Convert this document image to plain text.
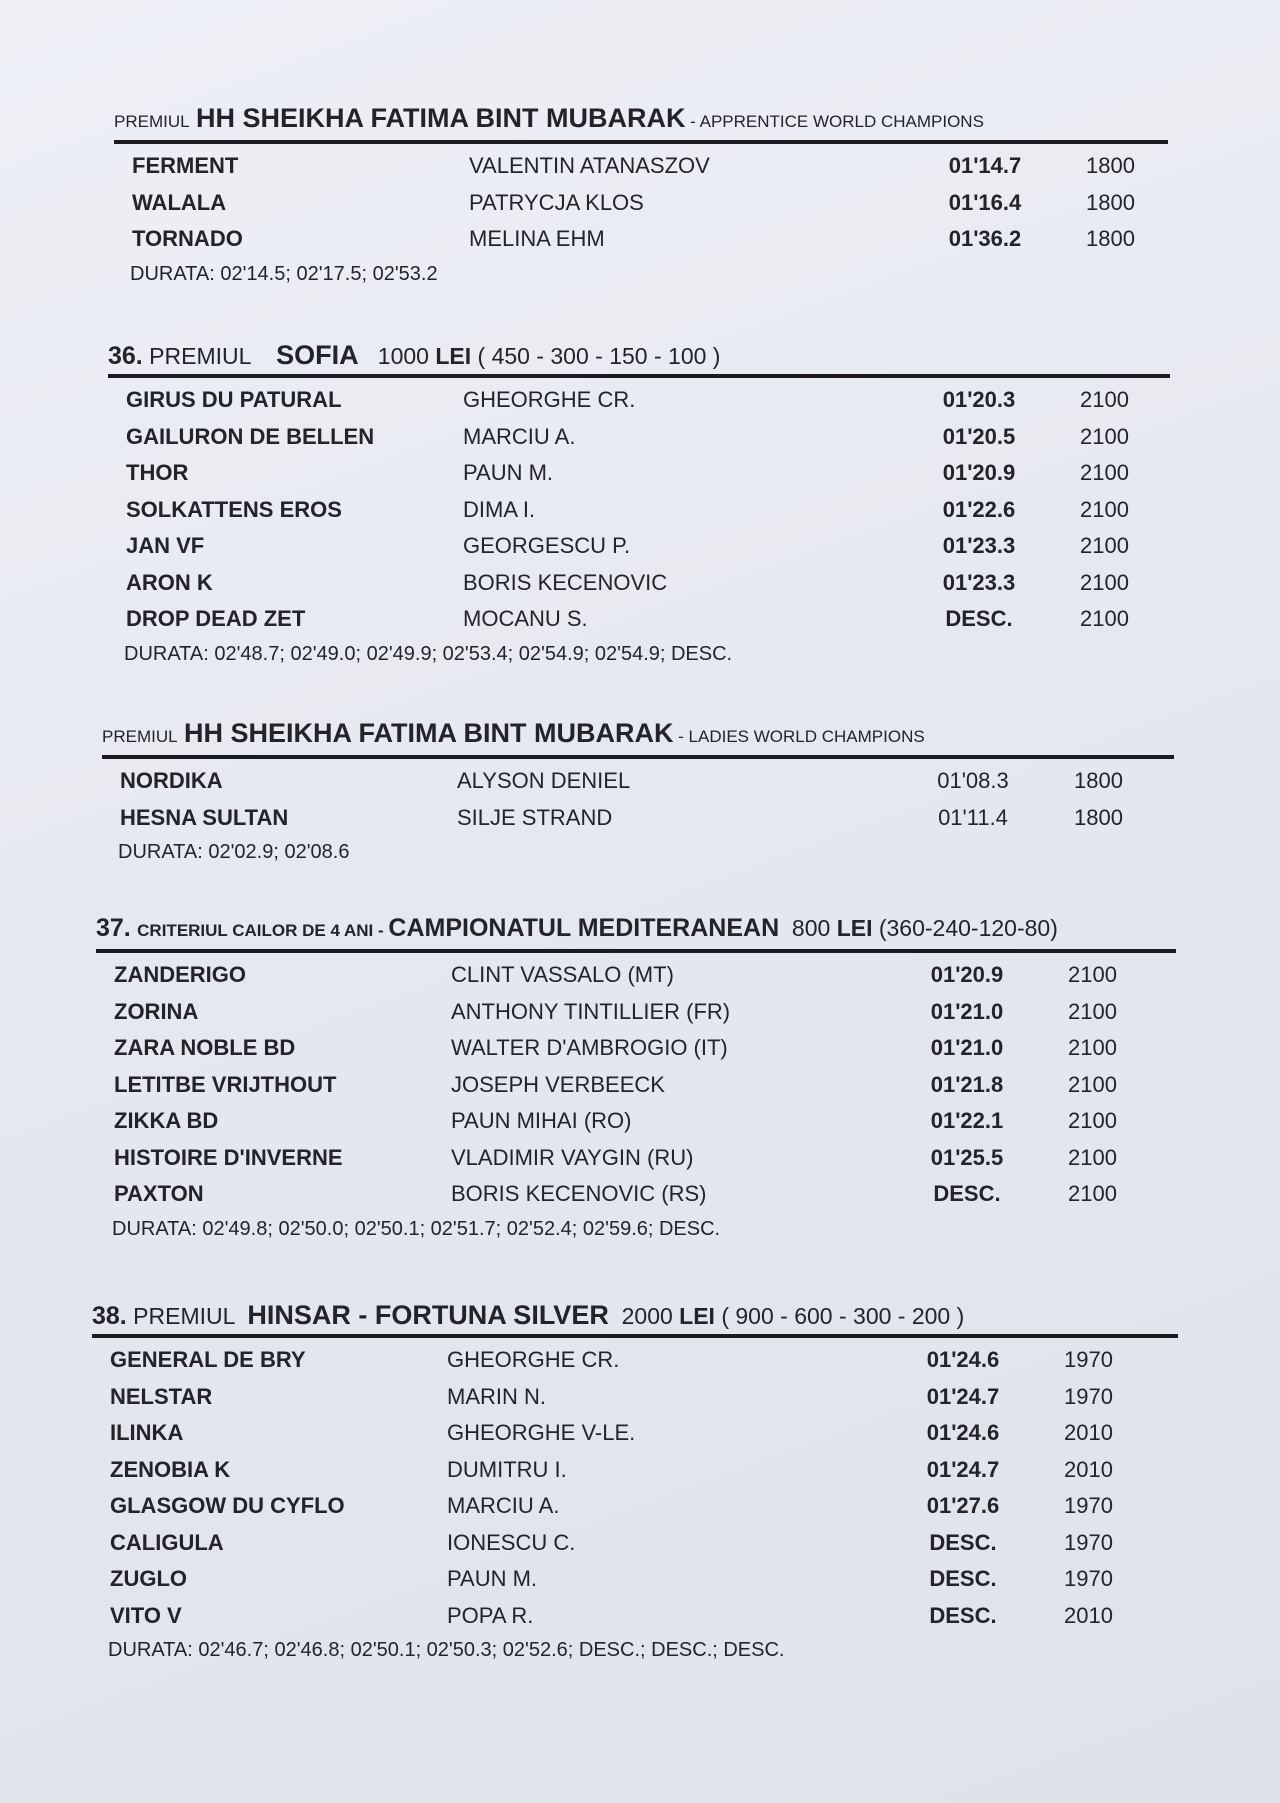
PREMIUL HH SHEIKHA FATIMA BINT MUBARAK - APPRENTICE WORLD CHAMPIONS
FERMENT	VALENTIN ATANASZOV	01'14.7	1800
WALALA	PATRYCJA KLOS	01'16.4	1800
TORNADO	MELINA EHM	01'36.2	1800
DURATA: 02'14.5; 02'17.5; 02'53.2
36. PREMIUL SOFIA 1000 LEI ( 450 - 300 - 150 - 100 )
GIRUS DU PATURAL	GHEORGHE CR.	01'20.3	2100
GAILURON DE BELLEN	MARCIU A.	01'20.5	2100
THOR	PAUN M.	01'20.9	2100
SOLKATTENS EROS	DIMA I.	01'22.6	2100
JAN VF	GEORGESCU P.	01'23.3	2100
ARON K	BORIS KECENOVIC	01'23.3	2100
DROP DEAD ZET	MOCANU S.	DESC.	2100
DURATA: 02'48.7; 02'49.0; 02'49.9; 02'53.4; 02'54.9; 02'54.9; DESC.
PREMIUL HH SHEIKHA FATIMA BINT MUBARAK - LADIES WORLD CHAMPIONS
NORDIKA	ALYSON DENIEL	01'08.3	1800
HESNA SULTAN	SILJE STRAND	01'11.4	1800
DURATA: 02'02.9; 02'08.6
37. CRITERIUL CAILOR DE 4 ANI - CAMPIONATUL MEDITERANEAN 800 LEI (360-240-120-80)
ZANDERIGO	CLINT VASSALO (MT)	01'20.9	2100
ZORINA	ANTHONY TINTILLIER (FR)	01'21.0	2100
ZARA NOBLE BD	WALTER D'AMBROGIO (IT)	01'21.0	2100
LETITBE VRIJTHOUT	JOSEPH VERBEECK	01'21.8	2100
ZIKKA BD	PAUN MIHAI (RO)	01'22.1	2100
HISTOIRE D'INVERNE	VLADIMIR VAYGIN (RU)	01'25.5	2100
PAXTON	BORIS KECENOVIC (RS)	DESC.	2100
DURATA: 02'49.8; 02'50.0; 02'50.1; 02'51.7; 02'52.4; 02'59.6; DESC.
38. PREMIUL HINSAR - FORTUNA SILVER 2000 LEI ( 900 - 600 - 300 - 200 )
GENERAL DE BRY	GHEORGHE CR.	01'24.6	1970
NELSTAR	MARIN N.	01'24.7	1970
ILINKA	GHEORGHE V-LE.	01'24.6	2010
ZENOBIA K	DUMITRU I.	01'24.7	2010
GLASGOW DU CYFLO	MARCIU A.	01'27.6	1970
CALIGULA	IONESCU C.	DESC.	1970
ZUGLO	PAUN M.	DESC.	1970
VITO V	POPA R.	DESC.	2010
DURATA: 02'46.7; 02'46.8; 02'50.1; 02'50.3; 02'52.6; DESC.; DESC.; DESC.
